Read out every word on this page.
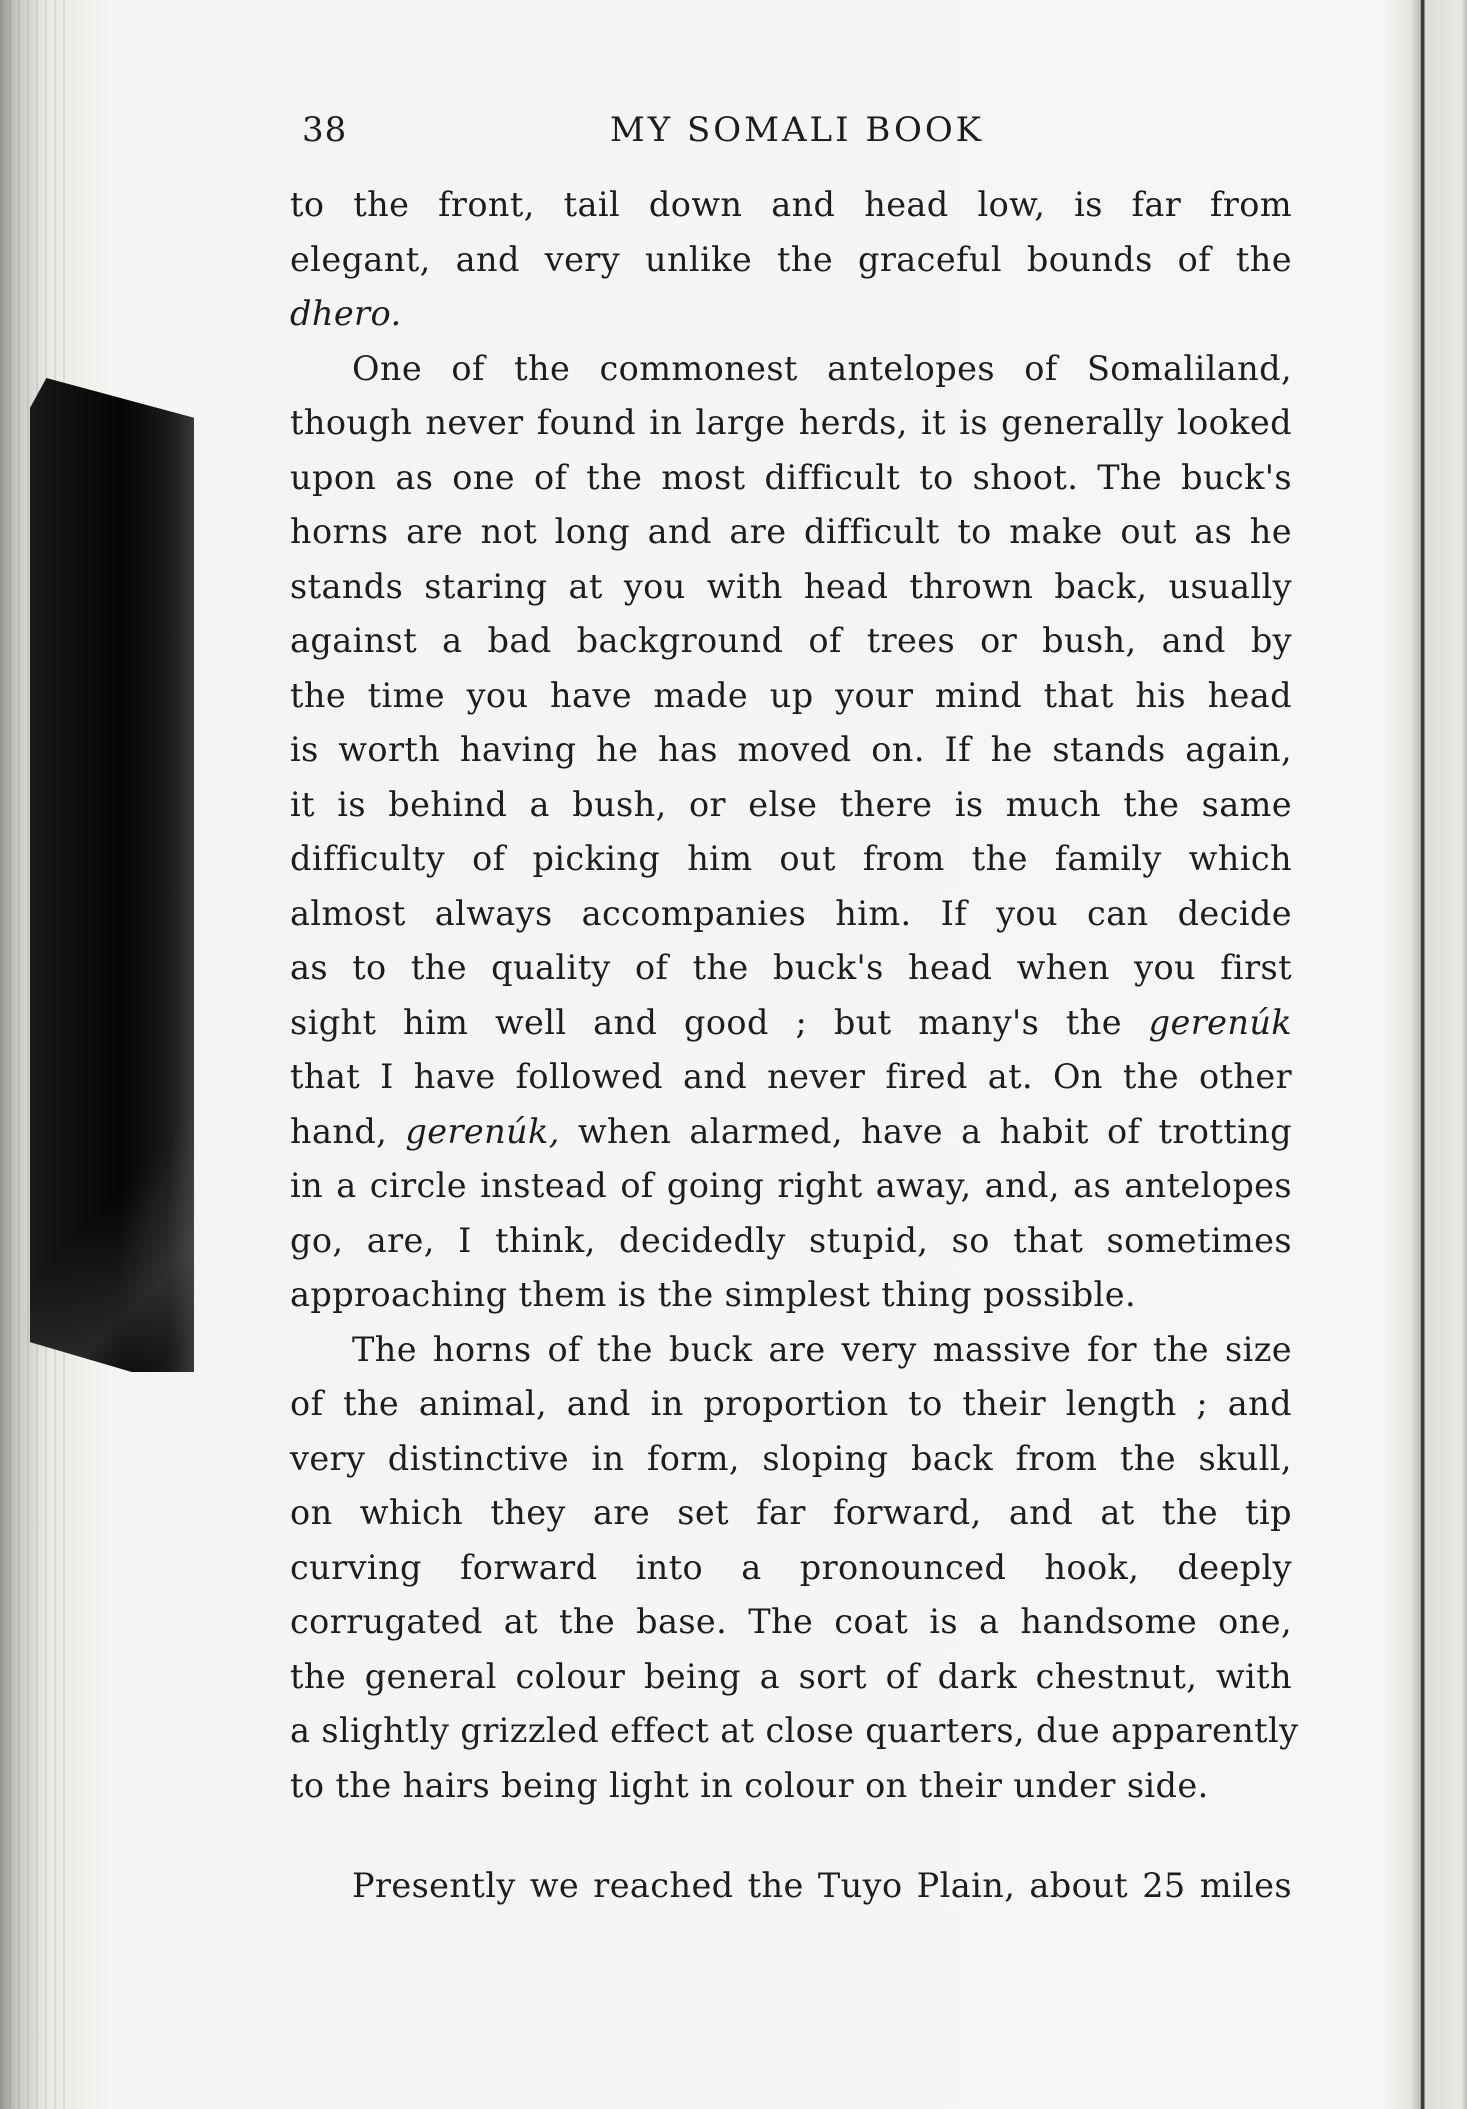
38	MY SOMALI BOOK
to the front, tail down and head low, is far from
elegant, and very unlike the graceful bounds of the
dhero.
One of the commonest antelopes of Somaliland,
though never found in large herds, it is generally looked
upon as one of the most difficult to shoot. The buck's
horns are not long and are difficult to make out as he
stands staring at you with head thrown back, usually
against a bad background of trees or bush, and by
the time you have made up your mind that his head
is worth having he has moved on. If he stands again,
it is behind a bush, or else there is much the same
difficulty of picking him out from the family which
almost always accompanies him. If you can decide
as to the quality of the buck's head when you first
sight him well and good ; but many's the gerenúk
that I have followed and never fired at. On the other
hand, gerenúk, when alarmed, have a habit of trotting
in a circle instead of going right away, and, as antelopes
go, are, I think, decidedly stupid, so that sometimes
approaching them is the simplest thing possible.
The horns of the buck are very massive for the size
of the animal, and in proportion to their length ; and
very distinctive in form, sloping back from the skull,
on which they are set far forward, and at the tip
curving forward into a pronounced hook, deeply
corrugated at the base. The coat is a handsome one,
the general colour being a sort of dark chestnut, with
a slightly grizzled effect at close quarters, due apparently
to the hairs being light in colour on their under side.
Presently we reached the Tuyo Plain, about 25 miles
